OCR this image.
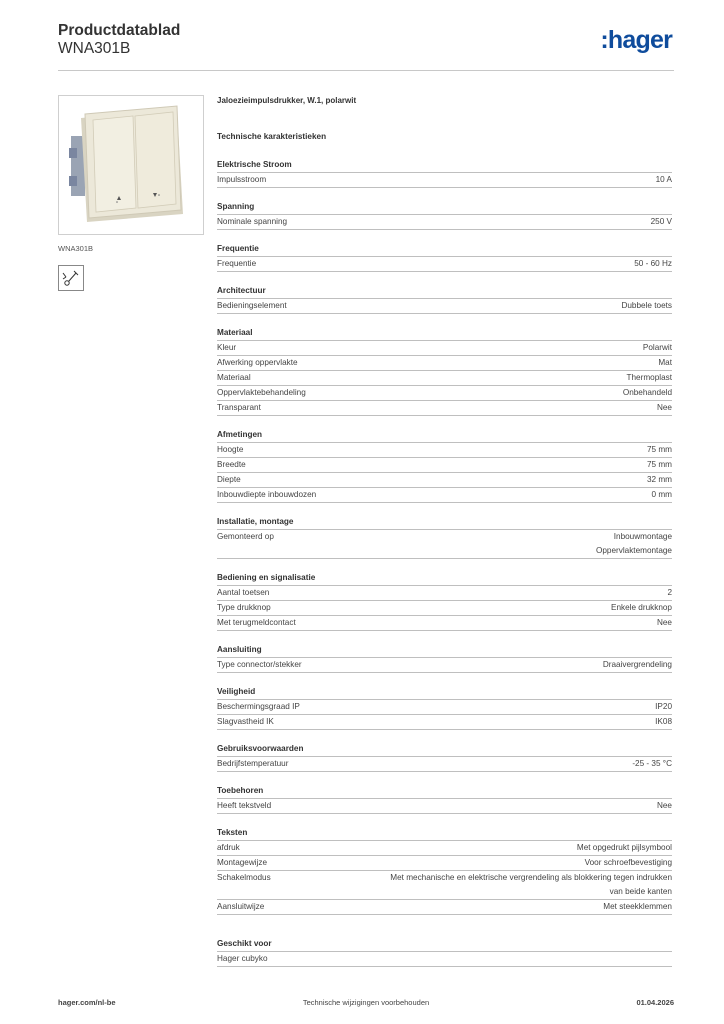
Productdatablad
WNA301B	:hager
WNA301B
Jaloezieimpulsdrukker, W.1, polarwit
Technische karakteristieken
Elektrische Stroom
Impulsstroom	10 A
Spanning
Nominale spanning	250 V
Frequentie
Frequentie	50 - 60 Hz
Architectuur
Bedieningselement	Dubbele toets
Materiaal
Kleur	Polarwit
Afwerking oppervlakte	Mat
Materiaal	Thermoplast
Oppervlaktebehandeling	Onbehandeld
Transparant	Nee
Afmetingen
Hoogte	75 mm
Breedte	75 mm
Diepte	32 mm
Inbouwdiepte inbouwdozen	0 mm
Installatie, montage
Gemonteerd op	Inbouwmontage
Oppervlaktemontage
Bediening en signalisatie
Aantal toetsen	2
Type drukknop	Enkele drukknop
Met terugmeldcontact	Nee
Aansluiting
Type connector/stekker	Draaivergrendeling
Veiligheid
Beschermingsgraad IP	IP20
Slagvastheid IK	IK08
Gebruiksvoorwaarden
Bedrijfstemperatuur	-25 - 35 °C
Toebehoren
Heeft tekstveld	Nee
Teksten
afdruk	Met opgedrukt pijlsymbool
Montagewijze	Voor schroefbevestiging
Schakelmodus	Met mechanische en elektrische vergrendeling als blokkering tegen indrukken
van beide kanten
Aansluitwijze	Met steekklemmen
Geschikt voor
Hager cubyko
hager.com/nl-be	Technische wijzigingen voorbehouden	01.04.2026
